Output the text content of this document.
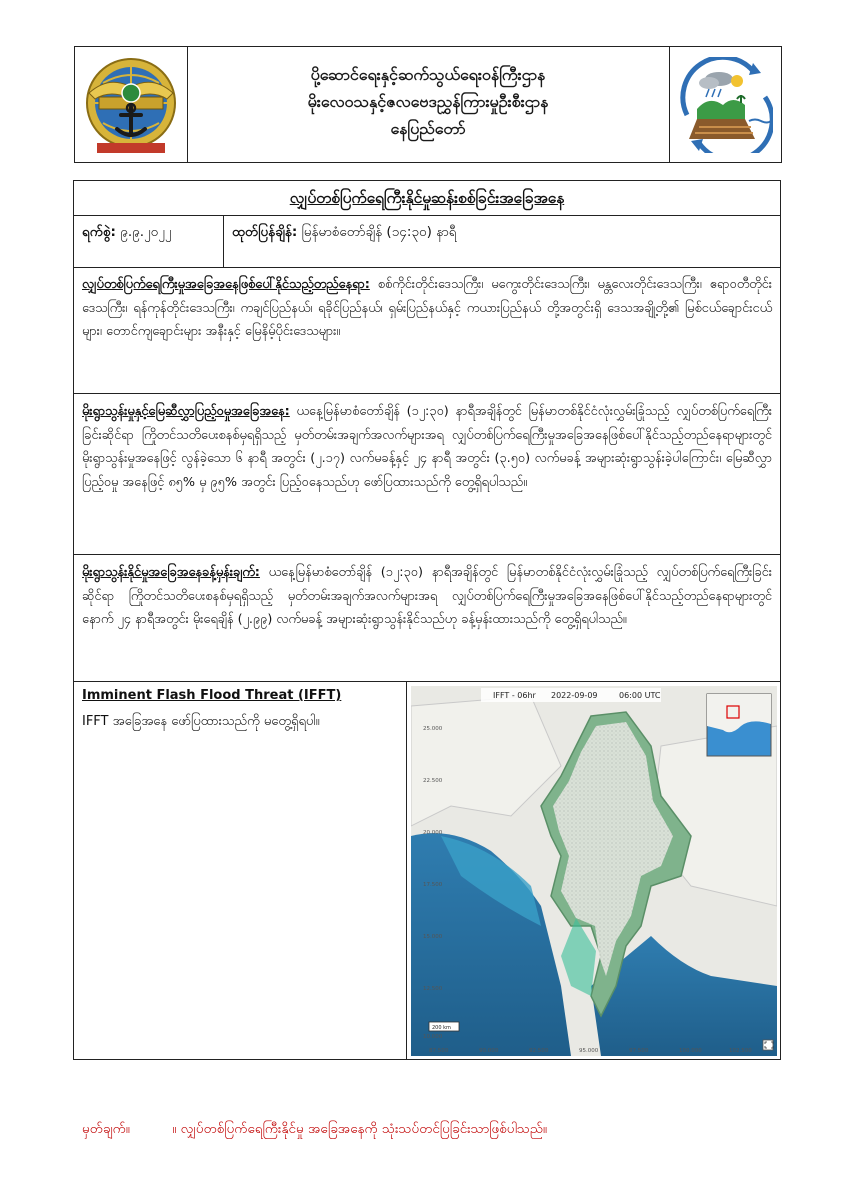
ပို့ဆောင်ရေးနှင့်ဆက်သွယ်ရေးဝန်ကြီးဌာန
မိုးလေဝသနှင့်ဇလဗေဒညွှန်ကြားမှုဦးစီးဌာန
နေပြည်တော်
လျှပ်တစ်ပြက်ရေကြီးနိုင်မှုဆန်းစစ်ခြင်းအခြေအနေ
ရက်စွဲ: ၉.၉.၂၀၂၂	ထုတ်ပြန်ချိန်: မြန်မာစံတော်ချိန် (၁၄:၃၀) နာရီ
လျှပ်တစ်ပြက်ရေကြီးမှုအခြေအနေဖြစ်ပေါ်နိုင်သည့်တည်နေရာ: စစ်ကိုင်းတိုင်းဒေသကြီး၊ မကွေးတိုင်းဒေသကြီး၊ မန္တလေးတိုင်းဒေသကြီး၊ ဧရာဝတီတိုင်းဒေသကြီး၊ ရန်ကုန်တိုင်းဒေသကြီး၊ ကချင်ပြည်နယ်၊ ရခိုင်ပြည်နယ်၊ ရှမ်းပြည်နယ်နှင့် ကယားပြည်နယ် တို့အတွင်းရှိ ဒေသအချို့တို့၏ မြစ်ငယ်ချောင်းငယ်များ၊ တောင်ကျချောင်းများ အနီးနှင့် မြေနိမ့်ပိုင်းဒေသများ။
မိုးရွာသွန်းမှုနှင့်မြေဆီလွှာပြည့်ဝမှုအခြေအနေ: ယနေ့မြန်မာစံတော်ချိန် (၁၂:၃၀) နာရီအချိန်တွင် မြန်မာတစ်နိုင်ငံလုံးလွှမ်းခြုံသည့် လျှပ်တစ်ပြက်ရေကြီးခြင်းဆိုင်ရာ ကြိုတင်သတိပေးစနစ်မှရရှိသည့် မှတ်တမ်းအချက်အလက်များအရ လျှပ်တစ်ပြက်ရေကြီးမှုအခြေအနေဖြစ်ပေါ်နိုင်သည့်တည်နေရာများတွင် မိုးရွာသွန်းမှုအနေဖြင့် လွန်ခဲ့သော ၆ နာရီ အတွင်း (၂.၁၇) လက်မခန့်နှင့် ၂၄ နာရီ အတွင်း (၃.၅၀) လက်မခန့် အများဆုံးရွာသွန်းခဲ့ပါကြောင်း၊ မြေဆီလွှာပြည့်ဝမှု အနေဖြင့် ၈၅% မှ ၉၅% အတွင်း ပြည့်ဝနေသည်ဟု ဖော်ပြထားသည်ကို တွေ့ရှိရပါသည်။
မိုးရွာသွန်းနိုင်မှုအခြေအနေခန့်မှန်းချက်: ယနေ့မြန်မာစံတော်ချိန် (၁၂:၃၀) နာရီအချိန်တွင် မြန်မာတစ်နိုင်ငံလုံးလွှမ်းခြုံသည့် လျှပ်တစ်ပြက်ရေကြီးခြင်းဆိုင်ရာ ကြိုတင်သတိပေးစနစ်မှရရှိသည့် မှတ်တမ်းအချက်အလက်များအရ လျှပ်တစ်ပြက်ရေကြီးမှုအခြေအနေဖြစ်ပေါ်နိုင်သည့်တည်နေရာများတွင် နောက် ၂၄ နာရီအတွင်း မိုးရေချိန် (၂.၉၉) လက်မခန့် အများဆုံးရွာသွန်းနိုင်သည်ဟု ခန့်မှန်းထားသည်ကို တွေ့ရှိရပါသည်။
Imminent Flash Flood Threat (IFFT)
IFFT အခြေအနေ ဖော်ပြထားသည်ကို မတွေ့ရှိရပါ။
IFFT - 06hr 2022-09-09	06:00 UTC
25.000
22.500
20.000
17.500
15.000
12.500
10.000
87.500	90.000	92.500	95.000	97.500	100.000	102.500
200 km
မှတ်ချက်။	။ လျှပ်တစ်ပြက်ရေကြီးနိုင်မှု အခြေအနေကို သုံးသပ်တင်ပြခြင်းသာဖြစ်ပါသည်။
